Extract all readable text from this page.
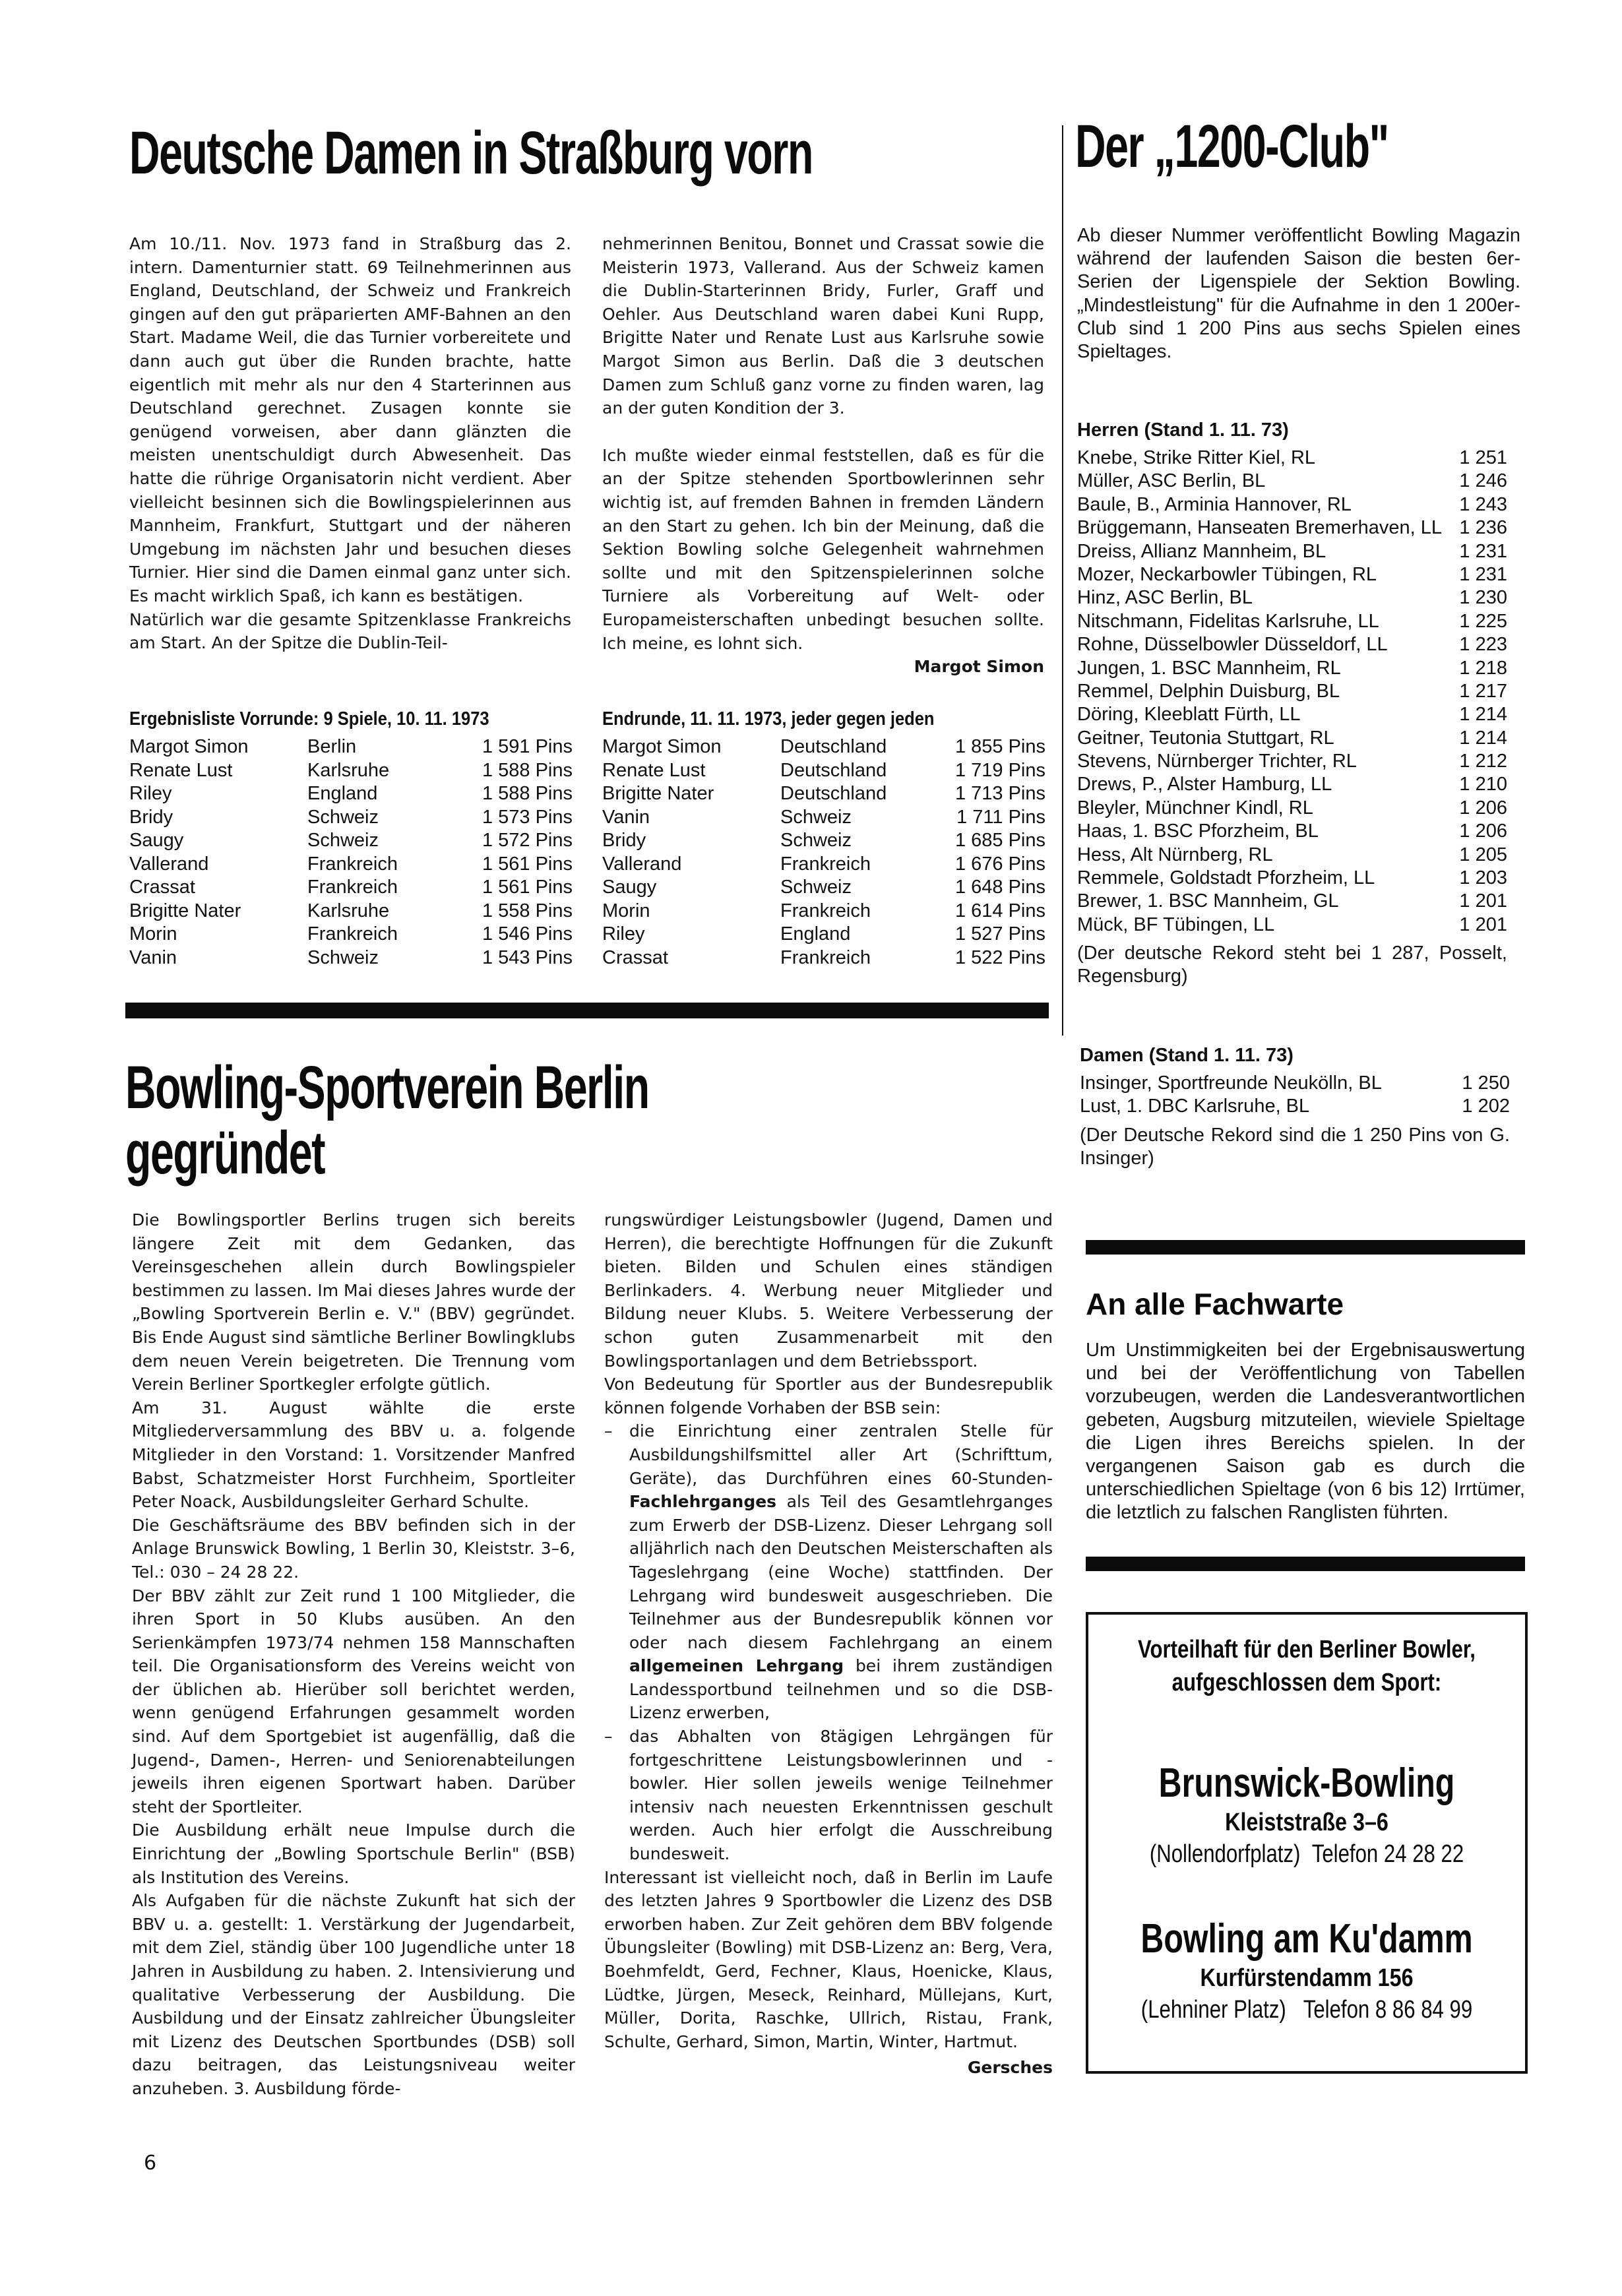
Deutsche Damen in Straßburg vorn	Der „1200-Club"

Am 10./11. Nov. 1973 fand in Straßburg das 2. intern. Damenturnier statt. 69 Teilnehmerinnen aus England, Deutschland, der Schweiz und Frankreich gingen auf den gut präparierten AMF-Bahnen an den Start. Madame Weil, die das Turnier vorbereitete und dann auch gut über die Runden brachte, hatte eigentlich mit mehr als nur den 4 Starterinnen aus Deutschland gerechnet. Zusagen konnte sie genügend vorweisen, aber dann glänzten die meisten unentschuldigt durch Abwesenheit. Das hatte die rührige Organisatorin nicht verdient. Aber vielleicht besinnen sich die Bowlingspielerinnen aus Mannheim, Frankfurt, Stuttgart und der näheren Umgebung im nächsten Jahr und besuchen dieses Turnier. Hier sind die Damen einmal ganz unter sich. Es macht wirklich Spaß, ich kann es bestätigen.

Natürlich war die gesamte Spitzenklasse Frankreichs am Start. An der Spitze die Dublin-Teil-

nehmerinnen Benitou, Bonnet und Crassat sowie die Meisterin 1973, Vallerand. Aus der Schweiz kamen die Dublin-Starterinnen Bridy, Furler, Graff und Oehler. Aus Deutschland waren dabei Kuni Rupp, Brigitte Nater und Renate Lust aus Karlsruhe sowie Margot Simon aus Berlin. Daß die 3 deutschen Damen zum Schluß ganz vorne zu finden waren, lag an der guten Kondition der 3.

Ich mußte wieder einmal feststellen, daß es für die an der Spitze stehenden Sportbowlerinnen sehr wichtig ist, auf fremden Bahnen in fremden Ländern an den Start zu gehen. Ich bin der Meinung, daß die Sektion Bowling solche Gelegenheit wahrnehmen sollte und mit den Spitzenspielerinnen solche Turniere als Vorbereitung auf Welt- oder Europameisterschaften unbedingt besuchen sollte. Ich meine, es lohnt sich.

Margot Simon
Ergebnisliste Vorrunde: 9 Spiele, 10. 11. 1973
Margot Simon	Berlin	1 591 Pins
Renate Lust	Karlsruhe	1 588 Pins
Riley	England	1 588 Pins
Bridy	Schweiz	1 573 Pins
Saugy	Schweiz	1 572 Pins
Vallerand	Frankreich	1 561 Pins
Crassat	Frankreich	1 561 Pins
Brigitte Nater	Karlsruhe	1 558 Pins
Morin	Frankreich	1 546 Pins
Vanin	Schweiz	1 543 Pins
Endrunde, 11. 11. 1973, jeder gegen jeden
Margot Simon	Deutschland	1 855 Pins
Renate Lust	Deutschland	1 719 Pins
Brigitte Nater	Deutschland	1 713 Pins
Vanin	Schweiz	1 711 Pins
Bridy	Schweiz	1 685 Pins
Vallerand	Frankreich	1 676 Pins
Saugy	Schweiz	1 648 Pins
Morin	Frankreich	1 614 Pins
Riley	England	1 527 Pins
Crassat	Frankreich	1 522 Pins
Bowling-Sportverein Berlin
gegründet

Die Bowlingsportler Berlins trugen sich bereits längere Zeit mit dem Gedanken, das Vereinsgeschehen allein durch Bowlingspieler bestimmen zu lassen. Im Mai dieses Jahres wurde der „Bowling Sportverein Berlin e. V." (BBV) gegründet. Bis Ende August sind sämtliche Berliner Bowlingklubs dem neuen Verein beigetreten. Die Trennung vom Verein Berliner Sportkegler erfolgte gütlich.

Am 31. August wählte die erste Mitgliederversammlung des BBV u. a. folgende Mitglieder in den Vorstand: 1. Vorsitzender Manfred Babst, Schatzmeister Horst Furchheim, Sportleiter Peter Noack, Ausbildungsleiter Gerhard Schulte.

Die Geschäftsräume des BBV befinden sich in der Anlage Brunswick Bowling, 1 Berlin 30, Kleiststr. 3–6, Tel.: 030 – 24 28 22.

Der BBV zählt zur Zeit rund 1 100 Mitglieder, die ihren Sport in 50 Klubs ausüben. An den Serienkämpfen 1973/74 nehmen 158 Mannschaften teil. Die Organisationsform des Vereins weicht von der üblichen ab. Hierüber soll berichtet werden, wenn genügend Erfahrungen gesammelt worden sind. Auf dem Sportgebiet ist augenfällig, daß die Jugend-, Damen-, Herren- und Seniorenabteilungen jeweils ihren eigenen Sportwart haben. Darüber steht der Sportleiter.

Die Ausbildung erhält neue Impulse durch die Einrichtung der „Bowling Sportschule Berlin" (BSB) als Institution des Vereins.

Als Aufgaben für die nächste Zukunft hat sich der BBV u. a. gestellt: 1. Verstärkung der Jugendarbeit, mit dem Ziel, ständig über 100 Jugendliche unter 18 Jahren in Ausbildung zu haben. 2. Intensivierung und qualitative Verbesserung der Ausbildung. Die Ausbildung und der Einsatz zahlreicher Übungsleiter mit Lizenz des Deutschen Sportbundes (DSB) soll dazu beitragen, das Leistungsniveau weiter anzuheben. 3. Ausbildung förde-

rungswürdiger Leistungsbowler (Jugend, Damen und Herren), die berechtigte Hoffnungen für die Zukunft bieten. Bilden und Schulen eines ständigen Berlinkaders. 4. Werbung neuer Mitglieder und Bildung neuer Klubs. 5. Weitere Verbesserung der schon guten Zusammenarbeit mit den Bowlingsportanlagen und dem Betriebssport.

Von Bedeutung für Sportler aus der Bundesrepublik können folgende Vorhaben der BSB sein:

–	die Einrichtung einer zentralen Stelle für Ausbildungshilfsmittel aller Art (Schrifttum, Geräte), das Durchführen eines 60-Stunden-Fachlehrganges als Teil des Gesamtlehrganges zum Erwerb der DSB-Lizenz. Dieser Lehrgang soll alljährlich nach den Deutschen Meisterschaften als Tageslehrgang (eine Woche) stattfinden. Der Lehrgang wird bundesweit ausgeschrieben. Die Teilnehmer aus der Bundesrepublik können vor oder nach diesem Fachlehrgang an einem allgemeinen Lehrgang bei ihrem zuständigen Landessportbund teilnehmen und so die DSB-Lizenz erwerben,
–	das Abhalten von 8tägigen Lehrgängen für fortgeschrittene Leistungsbowlerinnen und -bowler. Hier sollen jeweils wenige Teilnehmer intensiv nach neuesten Erkenntnissen geschult werden. Auch hier erfolgt die Ausschreibung bundesweit.

Interessant ist vielleicht noch, daß in Berlin im Laufe des letzten Jahres 9 Sportbowler die Lizenz des DSB erworben haben. Zur Zeit gehören dem BBV folgende Übungsleiter (Bowling) mit DSB-Lizenz an: Berg, Vera, Boehmfeldt, Gerd, Fechner, Klaus, Hoenicke, Klaus, Lüdtke, Jürgen, Meseck, Reinhard, Müllejans, Kurt, Müller, Dorita, Raschke, Ullrich, Ristau, Frank, Schulte, Gerhard, Simon, Martin, Winter, Hartmut.

Gersches

Ab dieser Nummer veröffentlicht Bowling Magazin während der laufenden Saison die besten 6er-Serien der Ligenspiele der Sektion Bowling. „Mindestleistung" für die Aufnahme in den 1 200er-Club sind 1 200 Pins aus sechs Spielen eines Spieltages.

Herren (Stand 1. 11. 73)
Knebe, Strike Ritter Kiel, RL	1 251
Müller, ASC Berlin, BL	1 246
Baule, B., Arminia Hannover, RL	1 243
Brüggemann, Hanseaten Bremerhaven, LL 1 236
Dreiss, Allianz Mannheim, BL	1 231
Mozer, Neckarbowler Tübingen, RL	1 231
Hinz, ASC Berlin, BL	1 230
Nitschmann, Fidelitas Karlsruhe, LL	1 225
Rohne, Düsselbowler Düsseldorf, LL	1 223
Jungen, 1. BSC Mannheim, RL	1 218
Remmel, Delphin Duisburg, BL	1 217
Döring, Kleeblatt Fürth, LL	1 214
Geitner, Teutonia Stuttgart, RL	1 214
Stevens, Nürnberger Trichter, RL	1 212
Drews, P., Alster Hamburg, LL	1 210
Bleyler, Münchner Kindl, RL	1 206
Haas, 1. BSC Pforzheim, BL	1 206
Hess, Alt Nürnberg, RL	1 205
Remmele, Goldstadt Pforzheim, LL	1 203
Brewer, 1. BSC Mannheim, GL	1 201
Mück, BF Tübingen, LL	1 201

(Der deutsche Rekord steht bei 1 287, Posselt, Regensburg)

Damen (Stand 1. 11. 73)
Insinger, Sportfreunde Neukölln, BL	1 250
Lust, 1. DBC Karlsruhe, BL	1 202

(Der Deutsche Rekord sind die 1 250 Pins von G. Insinger)

An alle Fachwarte

Um Unstimmigkeiten bei der Ergebnisauswertung und bei der Veröffentlichung von Tabellen vorzubeugen, werden die Landesverantwortlichen gebeten, Augsburg mitzuteilen, wieviele Spieltage die Ligen ihres Bereichs spielen. In der vergangenen Saison gab es durch die unterschiedlichen Spieltage (von 6 bis 12) Irrtümer, die letztlich zu falschen Ranglisten führten.

Vorteilhaft für den Berliner Bowler,
aufgeschlossen dem Sport:
Brunswick-Bowling
Kleiststraße 3–6
(Nollendorfplatz) Telefon 24 28 22
Bowling am Ku'damm
Kurfürstendamm 156
(Lehniner Platz) Telefon 8 86 84 99
6
